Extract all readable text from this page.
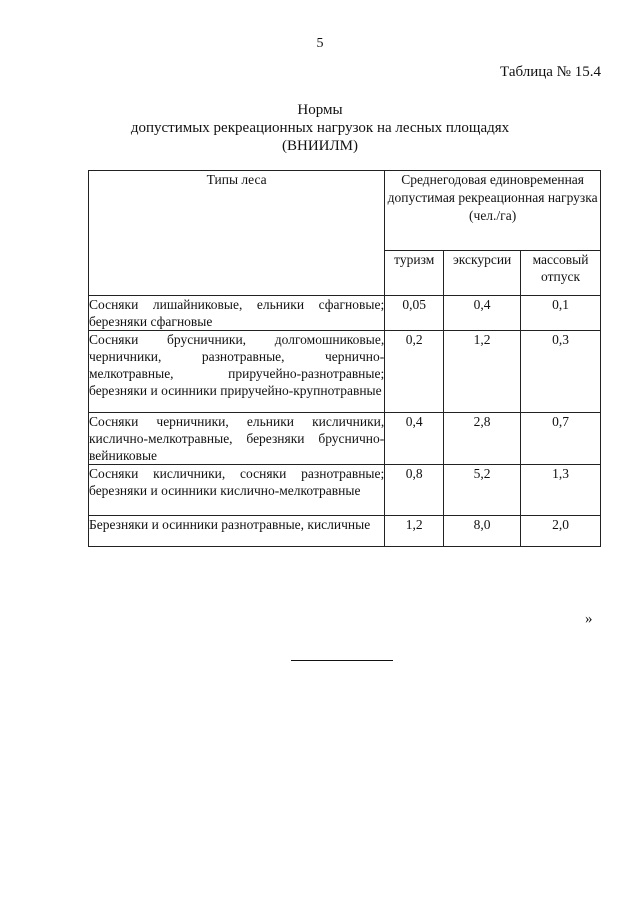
5
Таблица № 15.4
Нормы
допустимых рекреационных нагрузок на лесных площадях
(ВНИИЛМ)
Типы леса	Среднегодовая единовременная допустимая рекреационная нагрузка (чел./га)		
	туризм	экскурсии	массовый отпуск
Сосняки лишайниковые, ельники сфагновые; березняки сфагновые	0,05	0,4	0,1
Сосняки брусничники, долгомошниковые, черничники, разнотравные, чернично-мелкотравные, приручейно-разнотравные; березняки и осинники приручейно-крупнотравные	0,2	1,2	0,3
Сосняки черничники, ельники кисличники, кислично-мелкотравные, березняки бруснично-вейниковые	0,4	2,8	0,7
Сосняки кисличники, сосняки разнотравные; березняки и осинники кислично-мелкотравные	0,8	5,2	1,3
Березняки и осинники разнотравные, кисличные	1,2	8,0	2,0
»
